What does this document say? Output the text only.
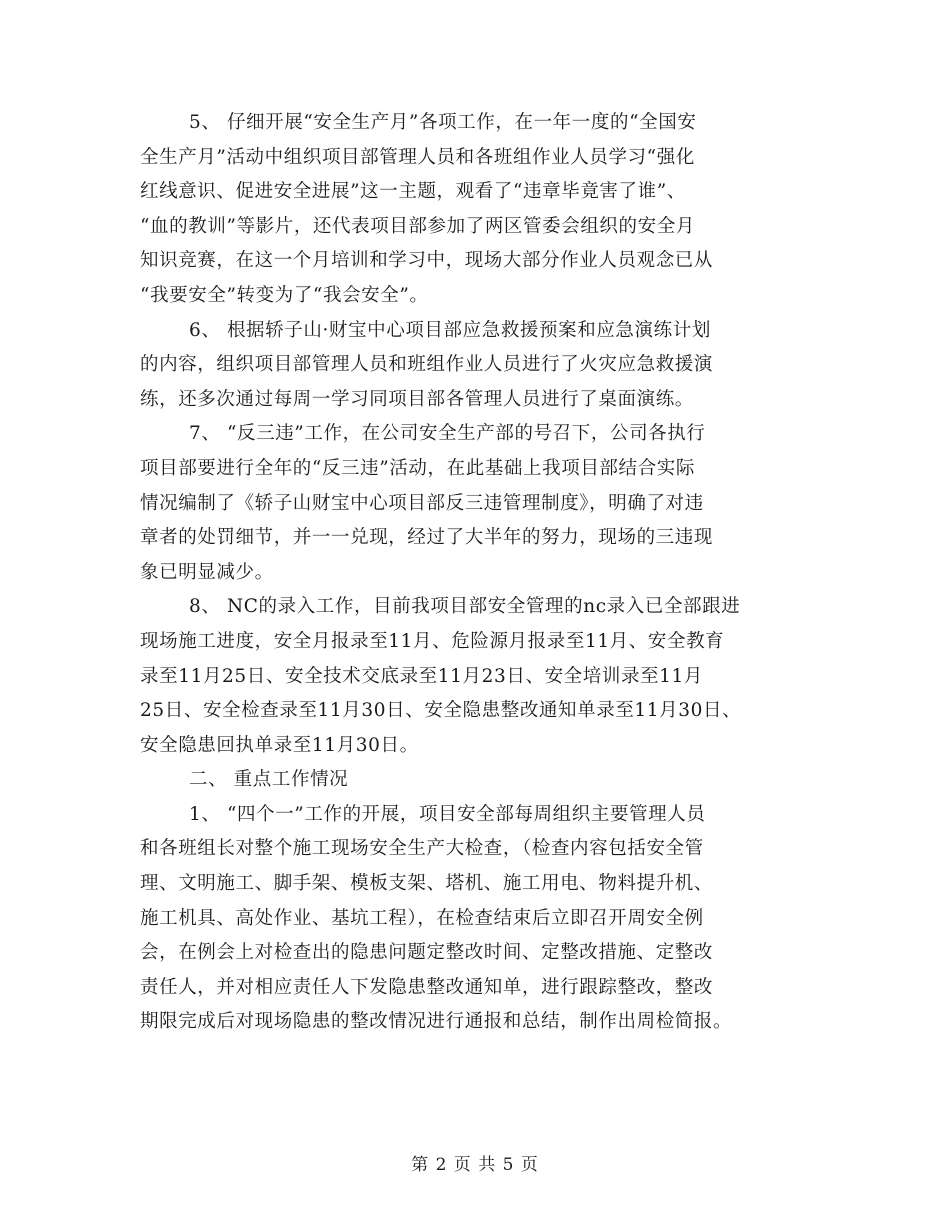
5、 仔细开展“安全生产月”各项工作，在一年一度的“全国安
全生产月”活动中组织项目部管理人员和各班组作业人员学习“强化
红线意识、促进安全进展”这一主题，观看了“违章毕竟害了谁”、
“血的教训”等影片，还代表项目部参加了两区管委会组织的安全月
知识竞赛，在这一个月培训和学习中，现场大部分作业人员观念已从
“我要安全”转变为了“我会安全”。
6、 根据轿子山·财宝中心项目部应急救援预案和应急演练计划
的内容，组织项目部管理人员和班组作业人员进行了火灾应急救援演
练，还多次通过每周一学习同项目部各管理人员进行了桌面演练。
7、 “反三违”工作，在公司安全生产部的号召下，公司各执行
项目部要进行全年的“反三违”活动，在此基础上我项目部结合实际
情况编制了《轿子山财宝中心项目部反三违管理制度》，明确了对违
章者的处罚细节，并一一兑现，经过了大半年的努力，现场的三违现
象已明显减少。
8、 NC的录入工作，目前我项目部安全管理的nc录入已全部跟进
现场施工进度，安全月报录至11月、危险源月报录至11月、安全教育
录至11月25日、安全技术交底录至11月23日、安全培训录至11月
25日、安全检查录至11月30日、安全隐患整改通知单录至11月30日、
安全隐患回执单录至11月30日。
二、 重点工作情况
1、 “四个一”工作的开展，项目安全部每周组织主要管理人员
和各班组长对整个施工现场安全生产大检查，（检查内容包括安全管
理、文明施工、脚手架、模板支架、塔机、施工用电、物料提升机、
施工机具、高处作业、基坑工程），在检查结束后立即召开周安全例
会，在例会上对检查出的隐患问题定整改时间、定整改措施、定整改
责任人，并对相应责任人下发隐患整改通知单，进行跟踪整改，整改
期限完成后对现场隐患的整改情况进行通报和总结，制作出周检简报。
第 2 页 共 5 页
